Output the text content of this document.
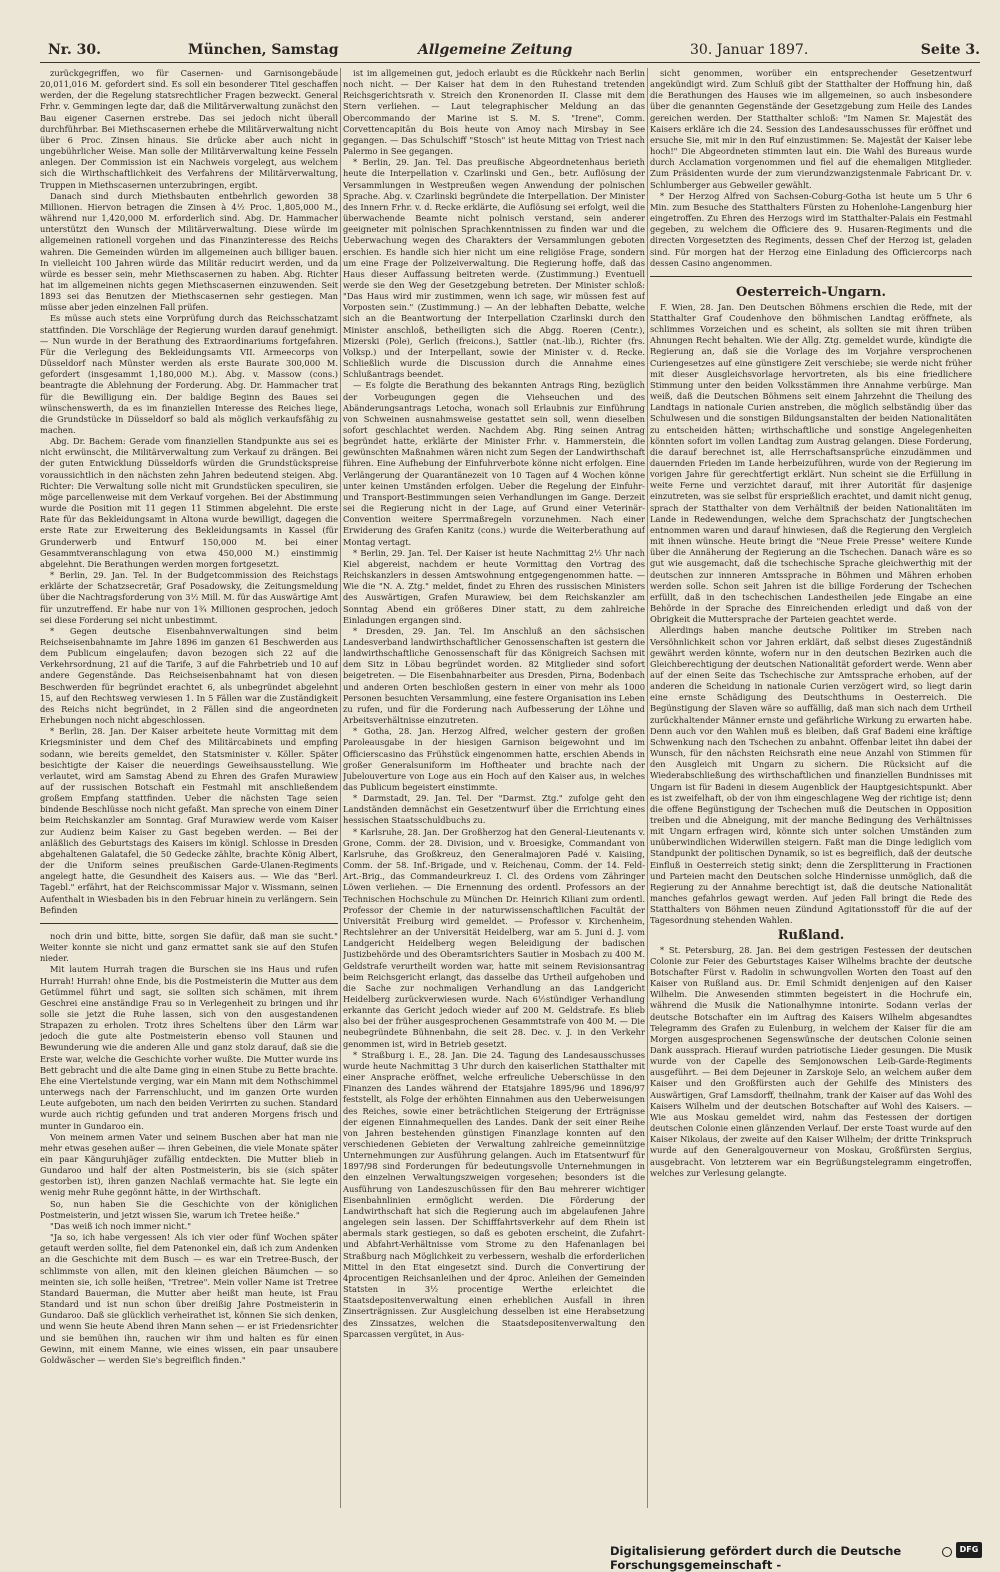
Nr. 30.	München, Samstag	Allgemeine Zeitung	30. Januar 1897.	Seite 3.

zurückgegriffen, wo für Casernen- und Garnisongebäude 20,011,016 M. gefordert sind. Es soll ein besonderer Titel geschaffen werden, der die Regelung statsrechtlicher Fragen bezweckt. General Frhr. v. Gemmingen legte dar, daß die Militärverwaltung zunächst den Bau eigener Casernen erstrebe. Das sei jedoch nicht überall durchführbar. Bei Miethscasernen erhebe die Militärverwaltung nicht über 6 Proc. Zinsen hinaus. Sie drücke aber auch nicht in ungebührlicher Weise. Man solle der Militärverwaltung keine Fesseln anlegen. Der Commission ist ein Nachweis vorgelegt, aus welchem sich die Wirthschaftlichkeit des Verfahrens der Militärverwaltung, Truppen in Miethscasernen unterzubringen, ergibt.

Danach sind durch Miethsbauten entbehrlich geworden 38 Millionen. Hiervon betragen die Zinsen à 4½ Proc. 1,805,000 M., während nur 1,420,000 M. erforderlich sind. Abg. Dr. Hammacher unterstützt den Wunsch der Militärverwaltung. Diese würde im allgemeinen rationell vorgehen und das Finanzinteresse des Reichs wahren. Die Gemeinden würden im allgemeinen auch billiger bauen. In vielleicht 100 Jahren würde das Militär reducirt werden, und da würde es besser sein, mehr Miethscasernen zu haben. Abg. Richter hat im allgemeinen nichts gegen Miethscasernen einzuwenden. Seit 1893 sei das Benutzen der Miethscasernen sehr gestiegen. Man müsse aber jeden einzelnen Fall prüfen.

Es müsse auch stets eine Vorprüfung durch das Reichsschatzamt stattfinden. Die Vorschläge der Regierung wurden darauf genehmigt. — Nun wurde in der Berathung des Extraordinariums fortgefahren. Für die Verlegung des Bekleidungsamts VII. Armeecorps von Düsseldorf nach Münster werden als erste Baurate 300,000 M. gefordert (insgesammt 1,180,000 M.). Abg. v. Massow (cons.) beantragte die Ablehnung der Forderung. Abg. Dr. Hammacher trat für die Bewilligung ein. Der baldige Beginn des Baues sei wünschenswerth, da es im finanziellen Interesse des Reiches liege, die Grundstücke in Düsseldorf so bald als möglich verkaufsfähig zu machen.

Abg. Dr. Bachem: Gerade vom finanziellen Standpunkte aus sei es nicht erwünscht, die Militärverwaltung zum Verkauf zu drängen. Bei der guten Entwicklung Düsseldorfs würden die Grundstückspreise voraussichtlich in den nächsten zehn Jahren bedeutend steigen. Abg. Richter: Die Verwaltung solle nicht mit Grundstücken speculiren, sie möge parcellenweise mit dem Verkauf vorgehen. Bei der Abstimmung wurde die Position mit 11 gegen 11 Stimmen abgelehnt. Die erste Rate für das Bekleidungsamt in Altona wurde bewilligt, dagegen die erste Rate zur Erweiterung des Bekleidungsamts in Kassel (für Grunderwerb und Entwurf 150,000 M. bei einer Gesammtveranschlagung von etwa 450,000 M.) einstimmig abgelehnt. Die Berathungen werden morgen fortgesetzt.

* Berlin, 29. Jan. Tel. In der Budgetcommission des Reichstags erklärte der Schatzsecretär, Graf Posadowsky, die Zeitungsmeldung über die Nachtragsforderung von 3½ Mill. M. für das Auswärtige Amt für unzutreffend. Er habe nur von 1¾ Millionen gesprochen, jedoch sei diese Forderung sei nicht unbestimmt.

* Gegen deutsche Eisenbahnverwaltungen sind beim Reichseisenbahnamte im Jahre 1896 im ganzen 61 Beschwerden aus dem Publicum eingelaufen; davon bezogen sich 22 auf die Verkehrsordnung, 21 auf die Tarife, 3 auf die Fahrbetrieb und 10 auf andere Gegenstände. Das Reichseisenbahnamt hat von diesen Beschwerden für begründet erachtet 6, als unbegründet abgelehnt 15, auf den Rechtsweg verwiesen 1. In 5 Fällen war die Zuständigkeit des Reichs nicht begründet, in 2 Fällen sind die angeordneten Erhebungen noch nicht abgeschlossen.

* Berlin, 28. Jan. Der Kaiser arbeitete heute Vormittag mit dem Kriegsminister und dem Chef des Militärcabinets und empfing sodann, wie bereits gemeldet, den Statsminister v. Köller. Später besichtigte der Kaiser die neuerdings Geweihsausstellung. Wie verlautet, wird am Samstag Abend zu Ehren des Grafen Murawiew auf der russischen Botschaft ein Festmahl mit anschließendem großem Empfang stattfinden. Ueber die nächsten Tage seien bindende Beschlüsse noch nicht gefaßt. Man spreche von einem Diner beim Reichskanzler am Sonntag. Graf Murawiew werde vom Kaiser zur Audienz beim Kaiser zu Gast begeben werden. — Bei der anläßlich des Geburtstags des Kaisers im königl. Schlosse in Dresden abgehaltenen Galatafel, die 50 Gedecke zählte, brachte König Albert, der die Uniform seines preußischen Garde-Ulanen-Regiments angelegt hatte, die Gesundheit des Kaisers aus. — Wie das "Berl. Tagebl." erfährt, hat der Reichscommissar Major v. Wissmann, seinen Aufenthalt in Wiesbaden bis in den Februar hinein zu verlängern. Sein Befinden

noch drin und bitte, bitte, sorgen Sie dafür, daß man sie sucht." Weiter konnte sie nicht und ganz ermattet sank sie auf den Stufen nieder.

Mit lautem Hurrah tragen die Burschen sie ins Haus und rufen Hurrah! Hurrah! ohne Ende, bis die Postmeisterin die Mutter aus dem Getümmel führt und sagt, sie sollten sich schämen, mit ihrem Geschrei eine anständige Frau so in Verlegenheit zu bringen und ihr solle sie jetzt die Ruhe lassen, sich von den ausgestandenen Strapazen zu erholen. Trotz ihres Scheltens über den Lärm war jedoch die gute alte Postmeisterin ebenso voll Staunen und Bewunderung wie die anderen Alle und ganz stolz darauf, daß sie die Erste war, welche die Geschichte vorher wußte. Die Mutter wurde ins Bett gebracht und die alte Dame ging in einen Stube zu Bette brachte. Ehe eine Viertelstunde verging, war ein Mann mit dem Nothschimmel unterwegs nach der Farrenschlucht, und im ganzen Orte wurden Leute aufgeboten, um nach den beiden Verirrten zu suchen. Standard wurde auch richtig gefunden und trat anderen Morgens frisch und munter in Gundaroo ein.

Von meinem armen Vater und seinem Buschen aber hat man nie mehr etwas gesehen außer — ihren Gebeinen, die viele Monate später ein paar Känguruhjäger zufällig entdeckten. Die Mutter blieb in Gundaroo und half der alten Postmeisterin, bis sie (sich später gestorben ist), ihren ganzen Nachlaß vermachte hat. Sie legte ein wenig mehr Ruhe gegönnt hätte, in der Wirthschaft.

So, nun haben Sie die Geschichte von der königlichen Postmeisterin, und jetzt wissen Sie, warum ich Tretee heiße."

"Das weiß ich noch immer nicht."

"Ja so, ich habe vergessen! Als ich vier oder fünf Wochen später getauft werden sollte, fiel dem Patenonkel ein, daß ich zum Andenken an die Geschichte mit dem Busch — es war ein Tretree-Busch, der schlimmste von allen, mit den kleinen gleichen Bäumchen — so meinten sie, ich solle heißen, "Tretree". Mein voller Name ist Tretree Standard Bauerman, die Mutter aber heißt man heute, ist Frau Standard und ist nun schon über dreißig Jahre Postmeisterin in Gundaroo. Daß sie glücklich verheirathet ist, können Sie sich denken, und wenn Sie heute Abend ihren Mann sehen — er ist Friedensrichter und sie bemühen ihn, rauchen wir ihm und halten es für einen Gewinn, mit einem Manne, wie eines wissen, ein paar unsaubere Goldwäscher — werden Sie's begreiflich finden."

ist im allgemeinen gut, jedoch erlaubt es die Rückkehr nach Berlin noch nicht. — Der Kaiser hat dem in den Ruhestand tretenden Reichsgerichtsrath v. Streich den Kronenorden II. Classe mit dem Stern verliehen. — Laut telegraphischer Meldung an das Obercommando der Marine ist S. M. S. "Irene", Comm. Corvettencapitän du Bois heute von Amoy nach Mirsbay in See gegangen. — Das Schulschiff "Stosch" ist heute Mittag von Triest nach Palermo in See gegangen.

* Berlin, 29. Jan. Tel. Das preußische Abgeordnetenhaus berieth heute die Interpellation v. Czarlinski und Gen., betr. Auflösung der Versammlungen in Westpreußen wegen Anwendung der polnischen Sprache. Abg. v. Czarlinski begründete die Interpellation. Der Minister des Innern Frhr. v. d. Recke erklärte, die Auflösung sei erfolgt, weil die überwachende Beamte nicht polnisch verstand, sein anderer geeigneter mit polnischen Sprachkenntnissen zu finden war und die Ueberwachung wegen des Charakters der Versammlungen geboten erschien. Es handle sich hier nicht um eine religiöse Frage, sondern um eine Frage der Polizeiverwaltung. Die Regierung hoffe, daß das Haus dieser Auffassung beitreten werde. (Zustimmung.) Eventuell werde sie den Weg der Gesetzgebung betreten. Der Minister schloß: "Das Haus wird mir zustimmen, wenn ich sage, wir müssen fest auf Vorposten sein." (Zustimmung.) — An der lebhaften Debatte, welche sich an die Beantwortung der Interpellation Czarlinski durch den Minister anschloß, betheiligten sich die Abgg. Roeren (Centr.), Mizerski (Pole), Gerlich (freicons.), Sattler (nat.-lib.), Richter (frs. Volksp.) und der Interpellant, sowie der Minister v. d. Recke. Schließlich wurde die Discussion durch die Annahme eines Schlußantrags beendet.

— Es folgte die Berathung des bekannten Antrags Ring, bezüglich der Vorbeugungen gegen die Viehseuchen und des Abänderungsantrags Letocha, wonach soll Erlaubnis zur Einführung von Schweinen ausnahmsweise gestattet sein soll, wenn dieselben sofort geschlachtet werden. Nachdem Abg. Ring seinen Antrag begründet hatte, erklärte der Minister Frhr. v. Hammerstein, die gewünschten Maßnahmen wären nicht zum Segen der Landwirthschaft führen. Eine Aufhebung der Einfuhrverbote könne nicht erfolgen. Eine Verlängerung der Quarantänezeit von 10 Tagen auf 4 Wochen könne unter keinen Umständen erfolgen. Ueber die Regelung der Einfuhr- und Transport-Bestimmungen seien Verhandlungen im Gange. Derzeit sei die Regierung nicht in der Lage, auf Grund einer Veterinär-Convention weitere Sperrmaßregeln vorzunehmen. Nach einer Erwiderung des Grafen Kanitz (cons.) wurde die Weiterberathung auf Montag vertagt.

* Berlin, 29. Jan. Tel. Der Kaiser ist heute Nachmittag 2½ Uhr nach Kiel abgereist, nachdem er heute Vormittag den Vortrag des Reichskanzlers in dessen Amtswohnung entgegengenommen hatte. — Wie die "N. A. Ztg." meldet, findet zu Ehren des russischen Ministers des Auswärtigen, Grafen Murawiew, bei dem Reichskanzler am Sonntag Abend ein größeres Diner statt, zu dem zahlreiche Einladungen ergangen sind.

* Dresden, 29. Jan. Tel. Im Anschluß an den sächsischen Landesverband landwirthschaftlicher Genossenschaften ist gestern die landwirthschaftliche Genossenschaft für das Königreich Sachsen mit dem Sitz in Löbau begründet worden. 82 Mitglieder sind sofort beigetreten. — Die Eisenbahnarbeiter aus Dresden, Pirna, Bodenbach und anderen Orten beschloßen gestern in einer von mehr als 1000 Personen besuchten Versammlung, eine festere Organisation ins Leben zu rufen, und für die Forderung nach Aufbesserung der Löhne und Arbeitsverhältnisse einzutreten.

* Gotha, 28. Jan. Herzog Alfred, welcher gestern der großen Paroleausgabe in der hiesigen Garnison beigewohnt und im Officierscasino das Frühstück eingenommen hatte, erschien Abends in großer Generalsuniform im Hoftheater und brachte nach der Jubelouverture von Loge aus ein Hoch auf den Kaiser aus, in welches das Publicum begeistert einstimmte.

* Darmstadt, 29. Jan. Tel. Der "Darmst. Ztg." zufolge geht den Landständen demnächst ein Gesetzentwurf über die Errichtung eines hessischen Staatsschuldbuchs zu.

* Karlsruhe, 28. Jan. Der Großherzog hat den General-Lieutenants v. Grone, Comm. der 28. Division, und v. Broesigke, Commandant von Karlsruhe, das Großkreuz, den Generalmajoren Padé v. Kaisiing, Comm. der 58. Inf.-Brigade, und v. Reichenau, Comm. der 14. Feld-Art.-Brig., das Commandeurkreuz I. Cl. des Ordens vom Zähringer Löwen verliehen. — Die Ernennung des ordentl. Professors an der Technischen Hochschule zu München Dr. Heinrich Kiliani zum ordentl. Professor der Chemie in der naturwissenschaftlichen Facultät der Universität Freiburg wird gemeldet. — Professor v. Kirchenheim, Rechtslehrer an der Universität Heidelberg, war am 5. Juni d. J. vom Landgericht Heidelberg wegen Beleidigung der badischen Justizbehörde und des Oberamtsrichters Sautier in Mosbach zu 400 M. Geldstrafe verurtheilt worden war, hatte mit seinem Revisionsantrag beim Reichsgericht erlangt, das dasselbe das Urtheil aufgehoben und die Sache zur nochmaligen Verhandlung an das Landgericht Heidelberg zurückverwiesen wurde. Nach 6½stündiger Verhandlung erkannte das Gericht jedoch wieder auf 200 M. Geldstrafe. Es blieb also bei der früher ausgesprochenen Gesammtstrafe von 400 M. — Die neubegründete Bühnenbahn, die seit 28. Dec. v. J. in den Verkehr genommen ist, wird in Betrieb gesetzt.

* Straßburg i. E., 28. Jan. Die 24. Tagung des Landesausschusses wurde heute Nachmittag 3 Uhr durch den kaiserlichen Statthalter mit einer Ansprache eröffnet, welche erfreuliche Ueberschüsse in den Finanzen des Landes während der Etatsjahre 1895/96 und 1896/97 feststellt, als Folge der erhöhten Einnahmen aus den Ueberweisungen des Reiches, sowie einer beträchtlichen Steigerung der Erträgnisse der eigenen Einnahmequellen des Landes. Dank der seit einer Reihe von Jahren bestehenden günstigen Finanzlage konnten auf den verschiedenen Gebieten der Verwaltung zahlreiche gemeinnützige Unternehmungen zur Ausführung gelangen. Auch im Etatsentwurf für 1897/98 sind Forderungen für bedeutungsvolle Unternehmungen in den einzelnen Verwaltungszweigen vorgesehen; besonders ist die Ausführung von Landeszuschüssen für den Bau mehrerer wichtiger Eisenbahnlinien ermöglicht werden. Die Förderung der Landwirthschaft hat sich die Regierung auch im abgelaufenen Jahre angelegen sein lassen. Der Schifffahrtsverkehr auf dem Rhein ist abermals stark gestiegen, so daß es geboten erscheint, die Zufahrt- und Abfahrt-Verhältnisse vom Strome zu den Hafenanlagen bei Straßburg nach Möglichkeit zu verbessern, weshalb die erforderlichen Mittel in den Etat eingesetzt sind. Durch die Convertirung der 4procentigen Reichsanleihen und der 4proc. Anleihen der Gemeinden Statsten in 3½ procentige Werthe erleichtet die Staatsdepositenverwaltung einen erheblichen Ausfall in ihren Zinserträgnissen. Zur Ausgleichung desselben ist eine Herabsetzung des Zinssatzes, welchen die Staatsdepositenverwaltung den Sparcassen vergütet, in Aus-

sicht genommen, worüber ein entsprechender Gesetzentwurf angekündigt wird. Zum Schluß gibt der Statthalter der Hoffnung hin, daß die Berathungen des Hauses wie im allgemeinen, so auch insbesondere über die genannten Gegenstände der Gesetzgebung zum Heile des Landes gereichen werden. Der Statthalter schloß: "Im Namen Sr. Majestät des Kaisers erkläre ich die 24. Session des Landesausschusses für eröffnet und ersuche Sie, mit mir in den Ruf einzustimmen: Se. Majestät der Kaiser lebe hoch!" Die Abgeordneten stimmten laut ein. Die Wahl des Bureaus wurde durch Acclamation vorgenommen und fiel auf die ehemaligen Mitglieder. Zum Präsidenten wurde der zum vierundzwanzigstenmale Fabricant Dr. v. Schlumberger aus Gebweiler gewählt.

* Der Herzog Alfred von Sachsen-Coburg-Gotha ist heute um 5 Uhr 6 Min. zum Besuche des Statthalters Fürsten zu Hohenlohe-Langenburg hier eingetroffen. Zu Ehren des Herzogs wird im Statthalter-Palais ein Festmahl gegeben, zu welchem die Officiere des 9. Husaren-Regiments und die directen Vorgesetzten des Regiments, dessen Chef der Herzog ist, geladen sind. Für morgen hat der Herzog eine Einladung des Officiercorps nach dessen Casino angenommen.

Oesterreich-Ungarn.

F. Wien, 28. Jan. Den Deutschen Böhmens erschien die Rede, mit der Statthalter Graf Coudenhove den böhmischen Landtag eröffnete, als schlimmes Vorzeichen und es scheint, als sollten sie mit ihren trüben Ahnungen Recht behalten. Wie der Allg. Ztg. gemeldet wurde, kündigte die Regierung an, daß sie die Vorlage des im Vorjahre versprochenen Curiengesetzes auf eine günstigere Zeit verschiebe; sie werde nicht früher mit dieser Ausgleichsvorlage hervortreten, als bis eine friedlichere Stimmung unter den beiden Volksstämmen ihre Annahme verbürge. Man weiß, daß die Deutschen Böhmens seit einem Jahrzehnt die Theilung des Landtags in nationale Curien anstreben, die möglich selbständig über das Schulwesen und die sonstigen Bildungsanstalten der beiden Nationalitäten zu entscheiden hätten; wirthschaftliche und sonstige Angelegenheiten könnten sofort im vollen Landtag zum Austrag gelangen. Diese Forderung, die darauf berechnet ist, alle Herrschaftsansprüche einzudämmen und dauernden Frieden im Lande herbeizuführen, wurde von der Regierung im vorigen Jahre für gerechtfertigt erklärt. Nun scheint sie die Erfüllung in weite Ferne und verzichtet darauf, mit ihrer Autorität für dasjenige einzutreten, was sie selbst für ersprießlich erachtet, und damit nicht genug, sprach der Statthalter von dem Verhältniß der beiden Nationalitäten im Lande in Redewendungen, welche dem Sprachschatz der Jungtschechen entnommen waren und darauf hinwiesen, daß die Regierung den Vergleich mit ihnen wünsche. Heute bringt die "Neue Freie Presse" weitere Kunde über die Annäherung der Regierung an die Tschechen. Danach wäre es so gut wie ausgemacht, daß die tschechische Sprache gleichwerthig mit der deutschen zur innneren Amtssprache in Böhmen und Mähren erhoben werden solle. Schon seit Jahren ist die billige Forderung der Tschechen erfüllt, daß in den tschechischen Landestheilen jede Eingabe an eine Behörde in der Sprache des Einreichenden erledigt und daß von der Obrigkeit die Muttersprache der Parteien geachtet werde.

Allerdings haben manche deutsche Politiker im Streben nach Versöhnlichkeit schon vor Jahren erklärt, daß selbst dieses Zugeständniß gewährt werden könnte, wofern nur in den deutschen Bezirken auch die Gleichberechtigung der deutschen Nationalität gefordert werde. Wenn aber auf der einen Seite das Tschechische zur Amtssprache erhoben, auf der anderen die Scheidung in nationale Curien verzögert wird, so liegt darin eine ernste Schädigung des Deutschthums in Oesterreich. Die Begünstigung der Slaven wäre so auffällig, daß man sich nach dem Urtheil zurückhaltender Männer ernste und gefährliche Wirkung zu erwarten habe. Denn auch vor den Wahlen muß es bleiben, daß Graf Badeni eine kräftige Schwenkung nach den Tschechen zu anbahnt. Offenbar leitet ihn dabei der Wunsch, für den nächsten Reichsrath eine neue Anzahl von Stimmen für den Ausgleich mit Ungarn zu sichern. Die Rücksicht auf die Wiederabschließung des wirthschaftlichen und finanziellen Bundnisses mit Ungarn ist für Badeni in diesem Augenblick der Hauptgesichtspunkt. Aber es ist zweifelhaft, ob der von ihm eingeschlagene Weg der richtige ist; denn die offene Begünstigung der Tschechen muß die Deutschen in Opposition treiben und die Abneigung, mit der manche Bedingung des Verhältnisses mit Ungarn erfragen wird, könnte sich unter solchen Umständen zum unüberwindlichen Widerwillen steigern. Faßt man die Dinge lediglich vom Standpunkt der politischen Dynamik, so ist es begreiflich, daß der deutsche Einfluß in Oesterreich stetig sinkt; denn die Zersplitterung in Fractionen und Parteien macht den Deutschen solche Hindernisse unmöglich, daß die Regierung zu der Annahme berechtigt ist, daß die deutsche Nationalität manches gefahrlos gewagt werden. Auf jeden Fall bringt die Rede des Statthalters von Böhmen neuen Zündund Agitationsstoff für die auf der Tagesordnung stehenden Wahlen.

Rußland.

* St. Petersburg, 28. Jan. Bei dem gestrigen Festessen der deutschen Colonie zur Feier des Geburtstages Kaiser Wilhelms brachte der deutsche Botschafter Fürst v. Radolin in schwungvollen Worten den Toast auf den Kaiser von Rußland aus. Dr. Emil Schmidt denjenigen auf den Kaiser Wilhelm. Die Anwesenden stimmten begeistert in die Hochrufe ein, während die Musik die Nationalhymne intonirte. Sodann verlas der deutsche Botschafter ein im Auftrag des Kaisers Wilhelm abgesandtes Telegramm des Grafen zu Eulenburg, in welchem der Kaiser für die am Morgen ausgesprochenen Segenswünsche der deutschen Colonie seinen Dank aussprach. Hierauf wurden patriotische Lieder gesungen. Die Musik wurde von der Capelle des Semjonowschen Leib-Garde-Regiments ausgeführt. — Bei dem Dejeuner in Zarskoje Selo, an welchem außer dem Kaiser und den Großfürsten auch der Gehilfe des Ministers des Auswärtigen, Graf Lamsdorff, theilnahm, trank der Kaiser auf das Wohl des Kaisers Wilhelm und der deutschen Botschafter auf Wohl des Kaisers. — Wie aus Moskau gemeldet wird, nahm das Festessen der dortigen deutschen Colonie einen glänzenden Verlauf. Der erste Toast wurde auf den Kaiser Nikolaus, der zweite auf den Kaiser Wilhelm; der dritte Trinkspruch wurde auf den Generalgouverneur von Moskau, Großfürsten Sergius, ausgebracht. Von letzterem war ein Begrüßungstelegramm eingetroffen, welches zur Verlesung gelangte.

Digitalisierung gefördert durch die Deutsche Forschungsgemeinschaft -
DFG
